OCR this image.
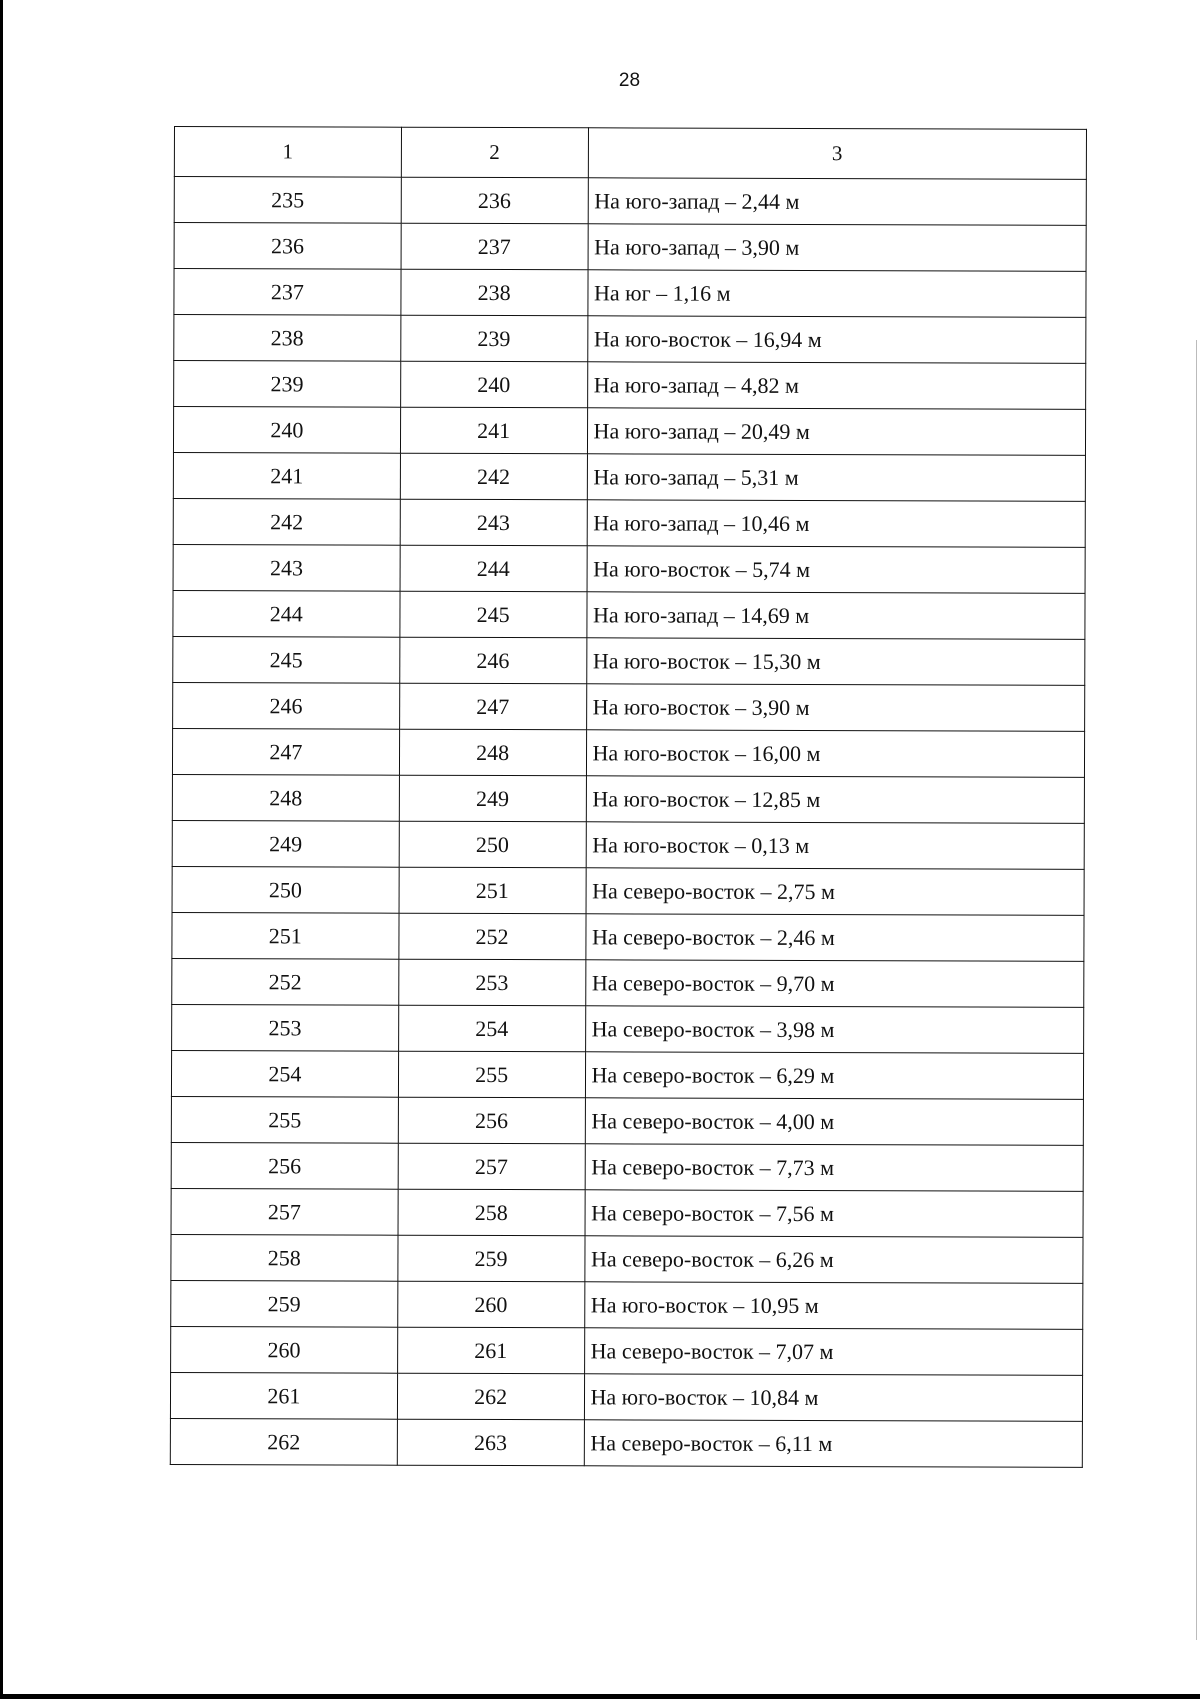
28
1	2	3
235	236	На юго-запад – 2,44 м
236	237	На юго-запад – 3,90 м
237	238	На юг – 1,16 м
238	239	На юго-восток – 16,94 м
239	240	На юго-запад – 4,82 м
240	241	На юго-запад – 20,49 м
241	242	На юго-запад – 5,31 м
242	243	На юго-запад – 10,46 м
243	244	На юго-восток – 5,74 м
244	245	На юго-запад – 14,69 м
245	246	На юго-восток – 15,30 м
246	247	На юго-восток – 3,90 м
247	248	На юго-восток – 16,00 м
248	249	На юго-восток – 12,85 м
249	250	На юго-восток – 0,13 м
250	251	На северо-восток – 2,75 м
251	252	На северо-восток – 2,46 м
252	253	На северо-восток – 9,70 м
253	254	На северо-восток – 3,98 м
254	255	На северо-восток – 6,29 м
255	256	На северо-восток – 4,00 м
256	257	На северо-восток – 7,73 м
257	258	На северо-восток – 7,56 м
258	259	На северо-восток – 6,26 м
259	260	На юго-восток – 10,95 м
260	261	На северо-восток – 7,07 м
261	262	На юго-восток – 10,84 м
262	263	На северо-восток – 6,11 м
